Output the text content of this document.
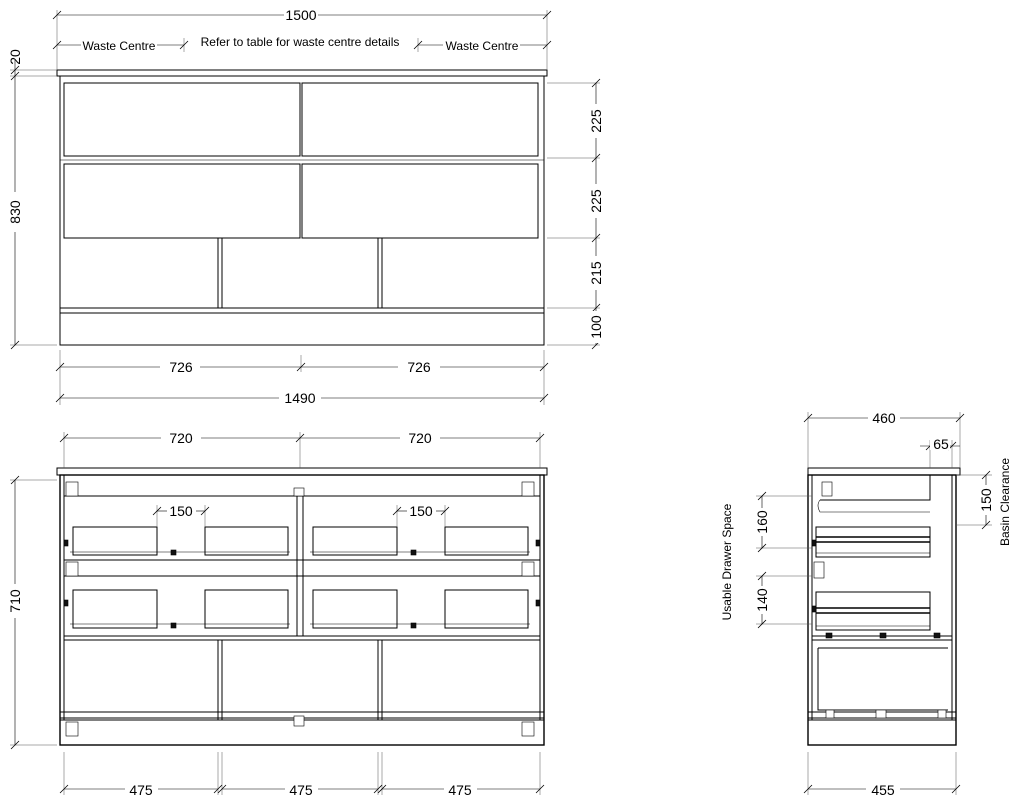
1500
Waste Centre	Refer to table for waste centre details	Waste Centre
20
830
225
225
215
100
726	726
1490
720	720
150	150
710
475	475	475
460
65
160
140
Usable Drawer Space
150 Basin Clearance
455
